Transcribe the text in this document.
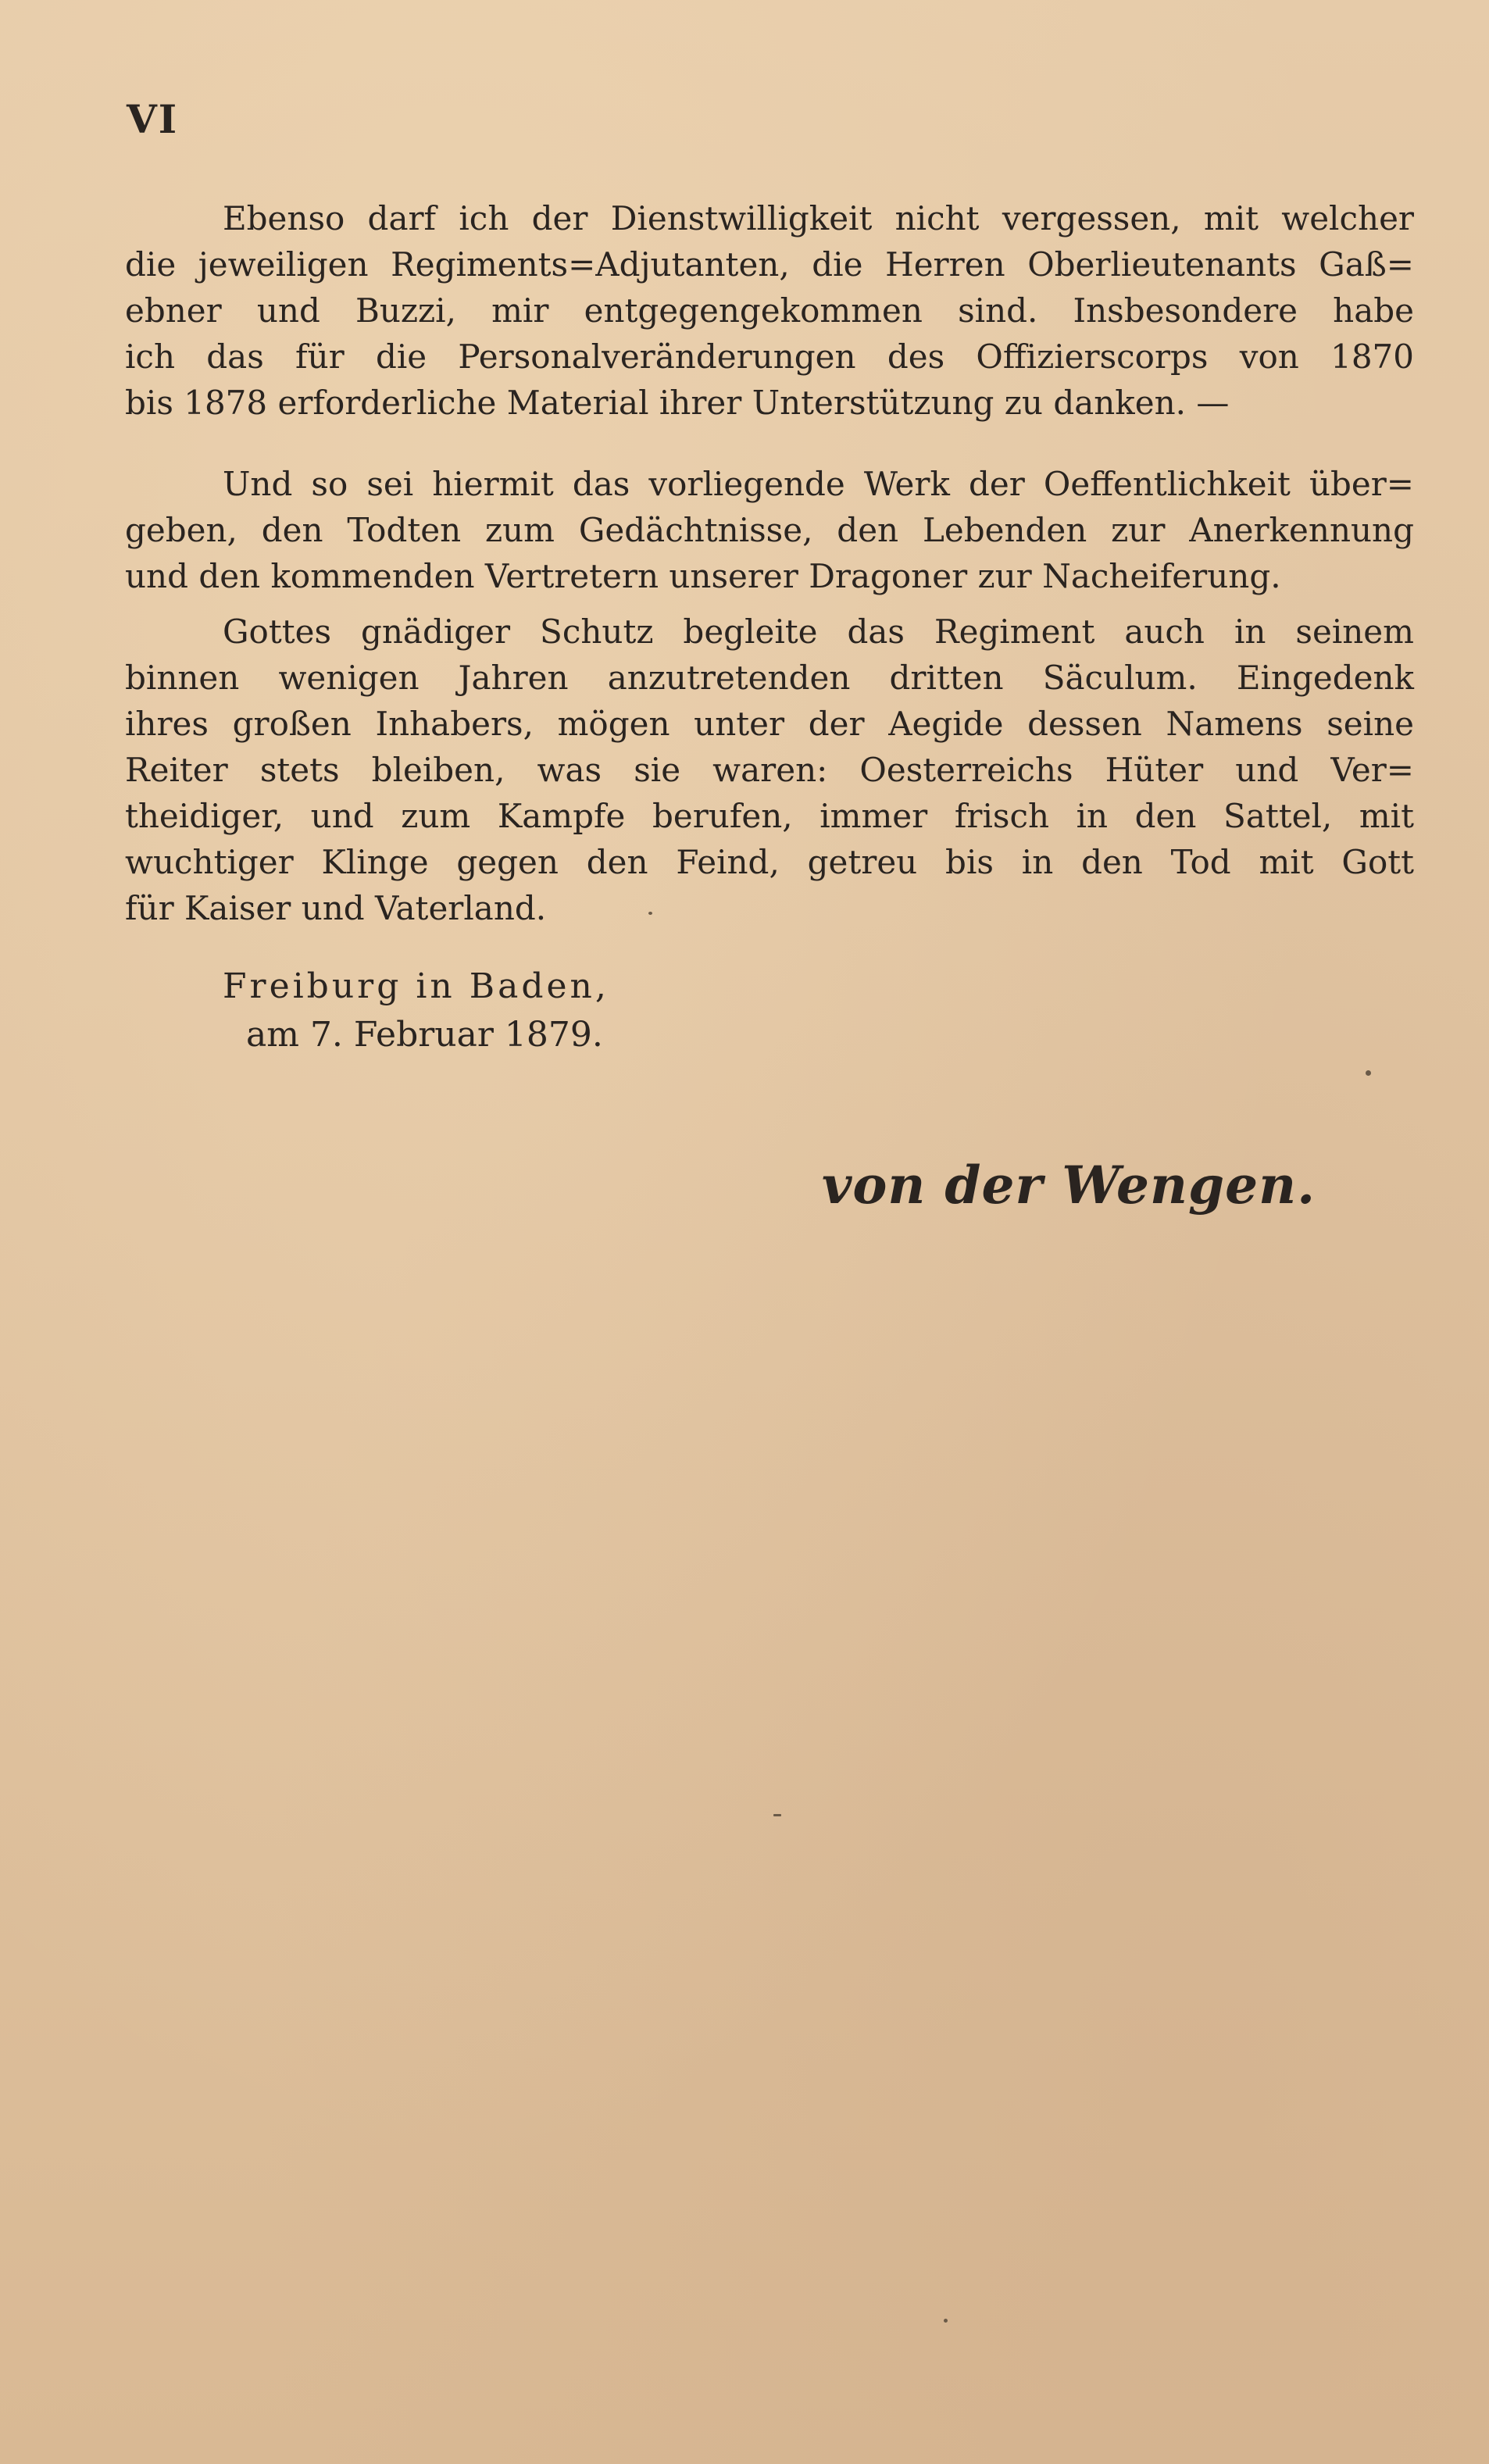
VI

Ebenso darf ich der Dienstwilligkeit nicht vergessen, mit welcher
die jeweiligen Regiments=Adjutanten, die Herren Oberlieutenants Gaß=
ebner und Buzzi, mir entgegengekommen sind. Insbesondere habe
ich das für die Personalveränderungen des Offizierscorps von 1870
bis 1878 erforderliche Material ihrer Unterstützung zu danken. —

Und so sei hiermit das vorliegende Werk der Oeffentlichkeit über=
geben, den Todten zum Gedächtnisse, den Lebenden zur Anerkennung
und den kommenden Vertretern unserer Dragoner zur Nacheiferung.

Gottes gnädiger Schutz begleite das Regiment auch in seinem
binnen wenigen Jahren anzutretenden dritten Säculum. Eingedenk
ihres großen Inhabers, mögen unter der Aegide dessen Namens seine
Reiter stets bleiben, was sie waren: Oesterreichs Hüter und Ver=
theidiger, und zum Kampfe berufen, immer frisch in den Sattel, mit
wuchtiger Klinge gegen den Feind, getreu bis in den Tod mit Gott
für Kaiser und Vaterland.

Freiburg in Baden,
am 7. Februar 1879.
von der Wengen.
